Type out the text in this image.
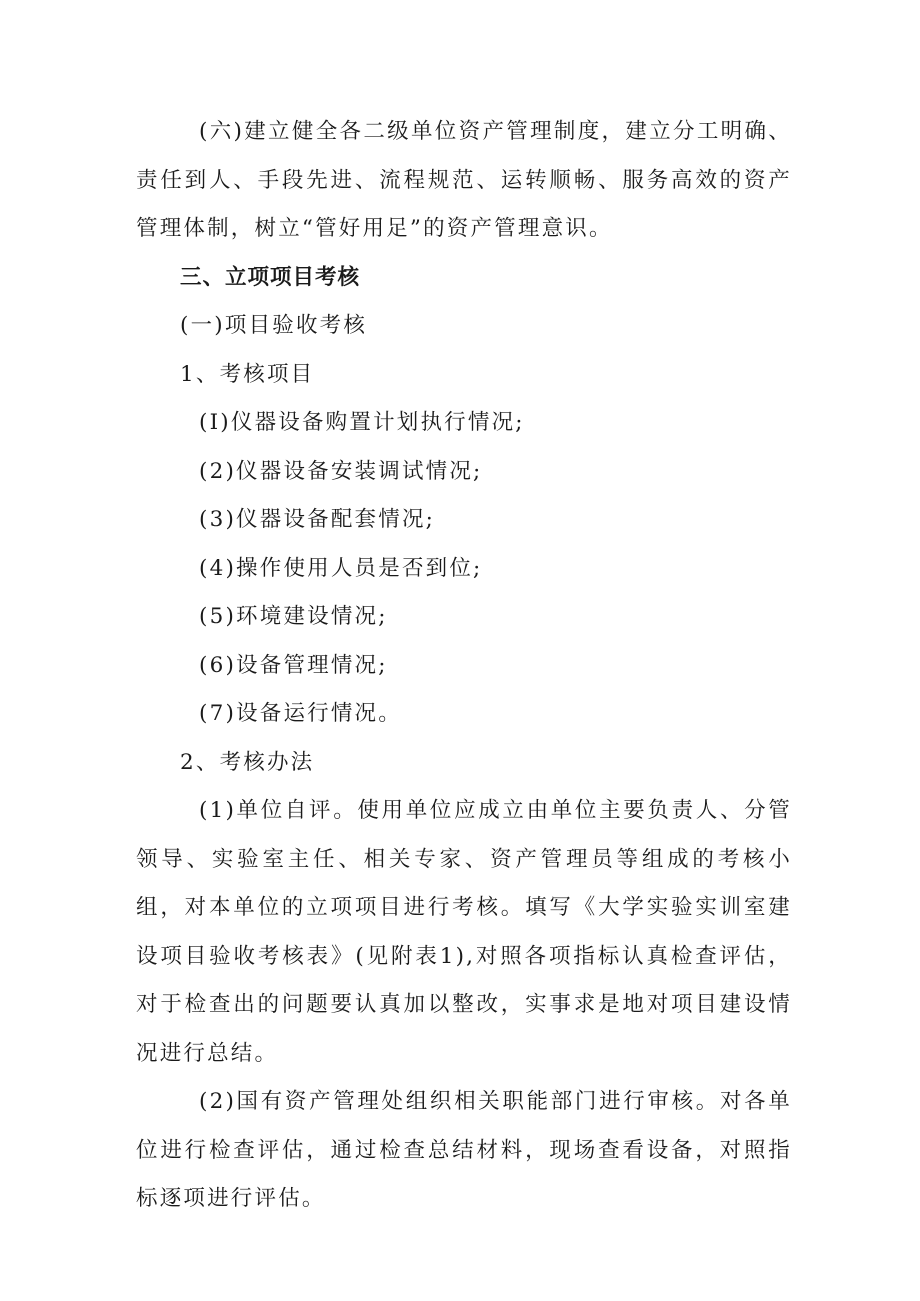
(六)建立健全各二级单位资产管理制度，建立分工明确、责任到人、手段先进、流程规范、运转顺畅、服务高效的资产管理体制，树立“管好用足”的资产管理意识。

三、立项项目考核

(一)项目验收考核

1、考核项目

(I)仪器设备购置计划执行情况;

(2)仪器设备安装调试情况;

(3)仪器设备配套情况;

(4)操作使用人员是否到位;

(5)环境建设情况;

(6)设备管理情况;

(7)设备运行情况。

2、考核办法

(1)单位自评。使用单位应成立由单位主要负责人、分管领导、实验室主任、相关专家、资产管理员等组成的考核小组，对本单位的立项项目进行考核。填写《大学实验实训室建设项目验收考核表》(见附表1),对照各项指标认真检查评估，对于检查出的问题要认真加以整改，实事求是地对项目建设情况进行总结。

(2)国有资产管理处组织相关职能部门进行审核。对各单位进行检查评估，通过检查总结材料，现场查看设备，对照指标逐项进行评估。
